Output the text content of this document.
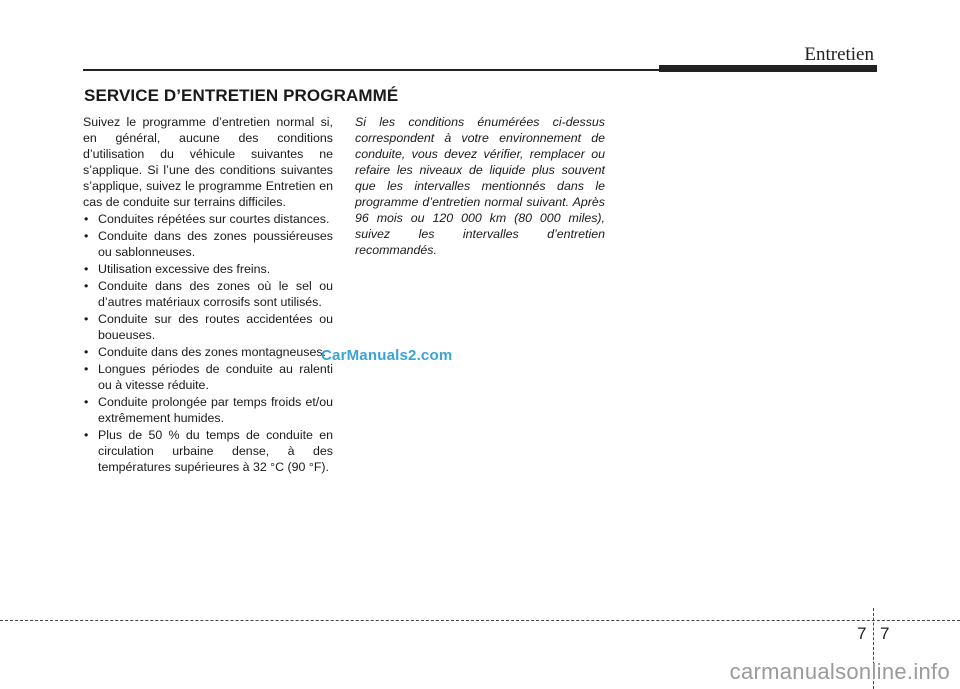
Entretien
SERVICE D’ENTRETIEN PROGRAMMÉ

Suivez le programme d’entretien normal si, en général, aucune des conditions d’utilisation du véhicule suivantes ne s’applique. Si l’une des conditions suivantes s’applique, suivez le programme Entretien en cas de conduite sur terrains difficiles.

• Conduites répétées sur courtes distances.
• Conduite dans des zones poussiéreuses ou sablonneuses.
• Utilisation excessive des freins.
• Conduite dans des zones où le sel ou d’autres matériaux corrosifs sont utilisés.
• Conduite sur des routes accidentées ou boueuses.
• Conduite dans des zones montagneuses.
• Longues périodes de conduite au ralenti ou à vitesse réduite.
• Conduite prolongée par temps froids et/ou extrêmement humides.
• Plus de 50 % du temps de conduite en circulation urbaine dense, à des températures supérieures à 32 °C (90 °F).
Si les conditions énumérées ci-dessus correspondent à votre environnement de conduite, vous devez vérifier, remplacer ou refaire les niveaux de liquide plus souvent que les intervalles mentionnés dans le programme d’entretien normal suivant. Après 96 mois ou 120 000 km (80 000 miles), suivez les intervalles d’entretien recommandés.
CarManuals2.com
7 7
carmanualsonline.info
